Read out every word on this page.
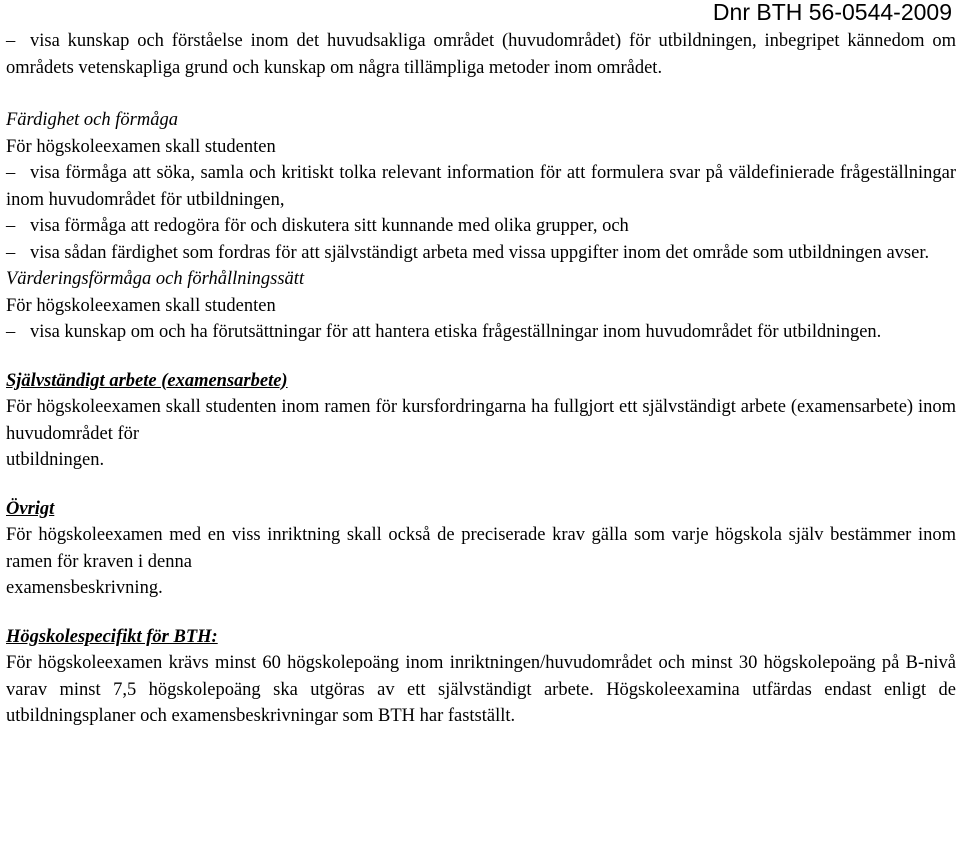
Dnr BTH 56-0544-2009

– visa kunskap och förståelse inom det huvudsakliga området (huvudområdet) för utbildningen, inbegripet kännedom om områdets vetenskapliga grund och kunskap om några tillämpliga metoder inom området.

Färdighet och förmåga

För högskoleexamen skall studenten

– visa förmåga att söka, samla och kritiskt tolka relevant information för att formulera svar på väldefinierade frågeställningar inom huvudområdet för utbildningen,

– visa förmåga att redogöra för och diskutera sitt kunnande med olika grupper, och

– visa sådan färdighet som fordras för att självständigt arbeta med vissa uppgifter inom det område som utbildningen avser.

Värderingsförmåga och förhållningssätt

För högskoleexamen skall studenten

– visa kunskap om och ha förutsättningar för att hantera etiska frågeställningar inom huvudområdet för utbildningen.

Självständigt arbete (examensarbete)

För högskoleexamen skall studenten inom ramen för kursfordringarna ha fullgjort ett självständigt arbete (examensarbete) inom huvudområdet för

utbildningen.

Övrigt

För högskoleexamen med en viss inriktning skall också de preciserade krav gälla som varje högskola själv bestämmer inom ramen för kraven i denna

examensbeskrivning.

Högskolespecifikt för BTH:

För högskoleexamen krävs minst 60 högskolepoäng inom inriktningen/huvudområdet och minst 30 högskolepoäng på B-nivå varav minst 7,5 högskolepoäng ska utgöras av ett självständigt arbete. Högskoleexamina utfärdas endast enligt de utbildningsplaner och examensbeskrivningar som BTH har fastställt.
